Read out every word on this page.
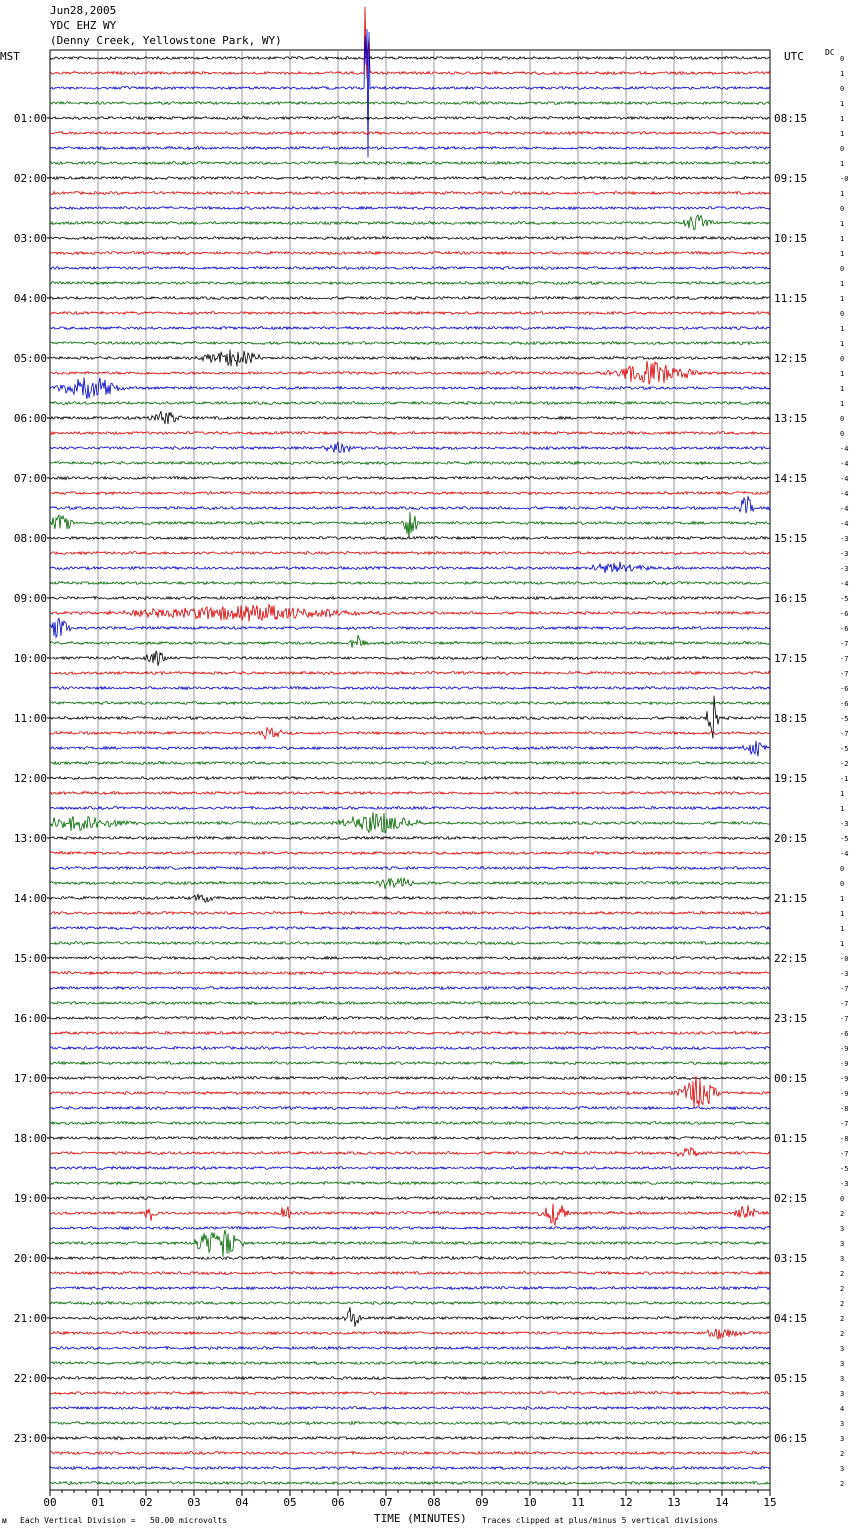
Jun28,2005
YDC EHZ WY
(Denny Creek, Yellowstone Park, WY)
MST	UTC	DC
0
1
0
1
1
1
0
1
-0
1
0
1
1
1
0
1
1
0
1
1
0
1
1
1
0
0
-4
-4
-4
-4
-4
-4
-3
-3
-3
-4
-5
-6
-6
-7
-7
-7
-6
-6
-5
-7
-5
-2
-1
1
1
-3
-5
-4
0
0
1
1
1
1
-0
-3
-7
-7
-7
-6
-9
-9
-9
-9
-8
-7
-8
-7
-5
-3
0
2
3
3
3
2
2
2
2
2
3
3
3
3
4
3
3
2
3
2
01:00
02:00
03:00
04:00
05:00
06:00
07:00
08:00
09:00
10:00
11:00
12:00
13:00
14:00
15:00
16:00
17:00
18:00
19:00
20:00
21:00
22:00
23:00
08:15
09:15
10:15
11:15
12:15
13:15
14:15
15:15
16:15
17:15
18:15
19:15
20:15
21:15
22:15
23:15
00:15
01:15
02:15
03:15
04:15
05:15
06:15
00	01	02	03	04	05	06	07	08	09	10	11	12	13	14	15
ᴍ Each Vertical Division =   50.00 microvolts	TIME (MINUTES) Traces clipped at plus/minus 5 vertical divisions
